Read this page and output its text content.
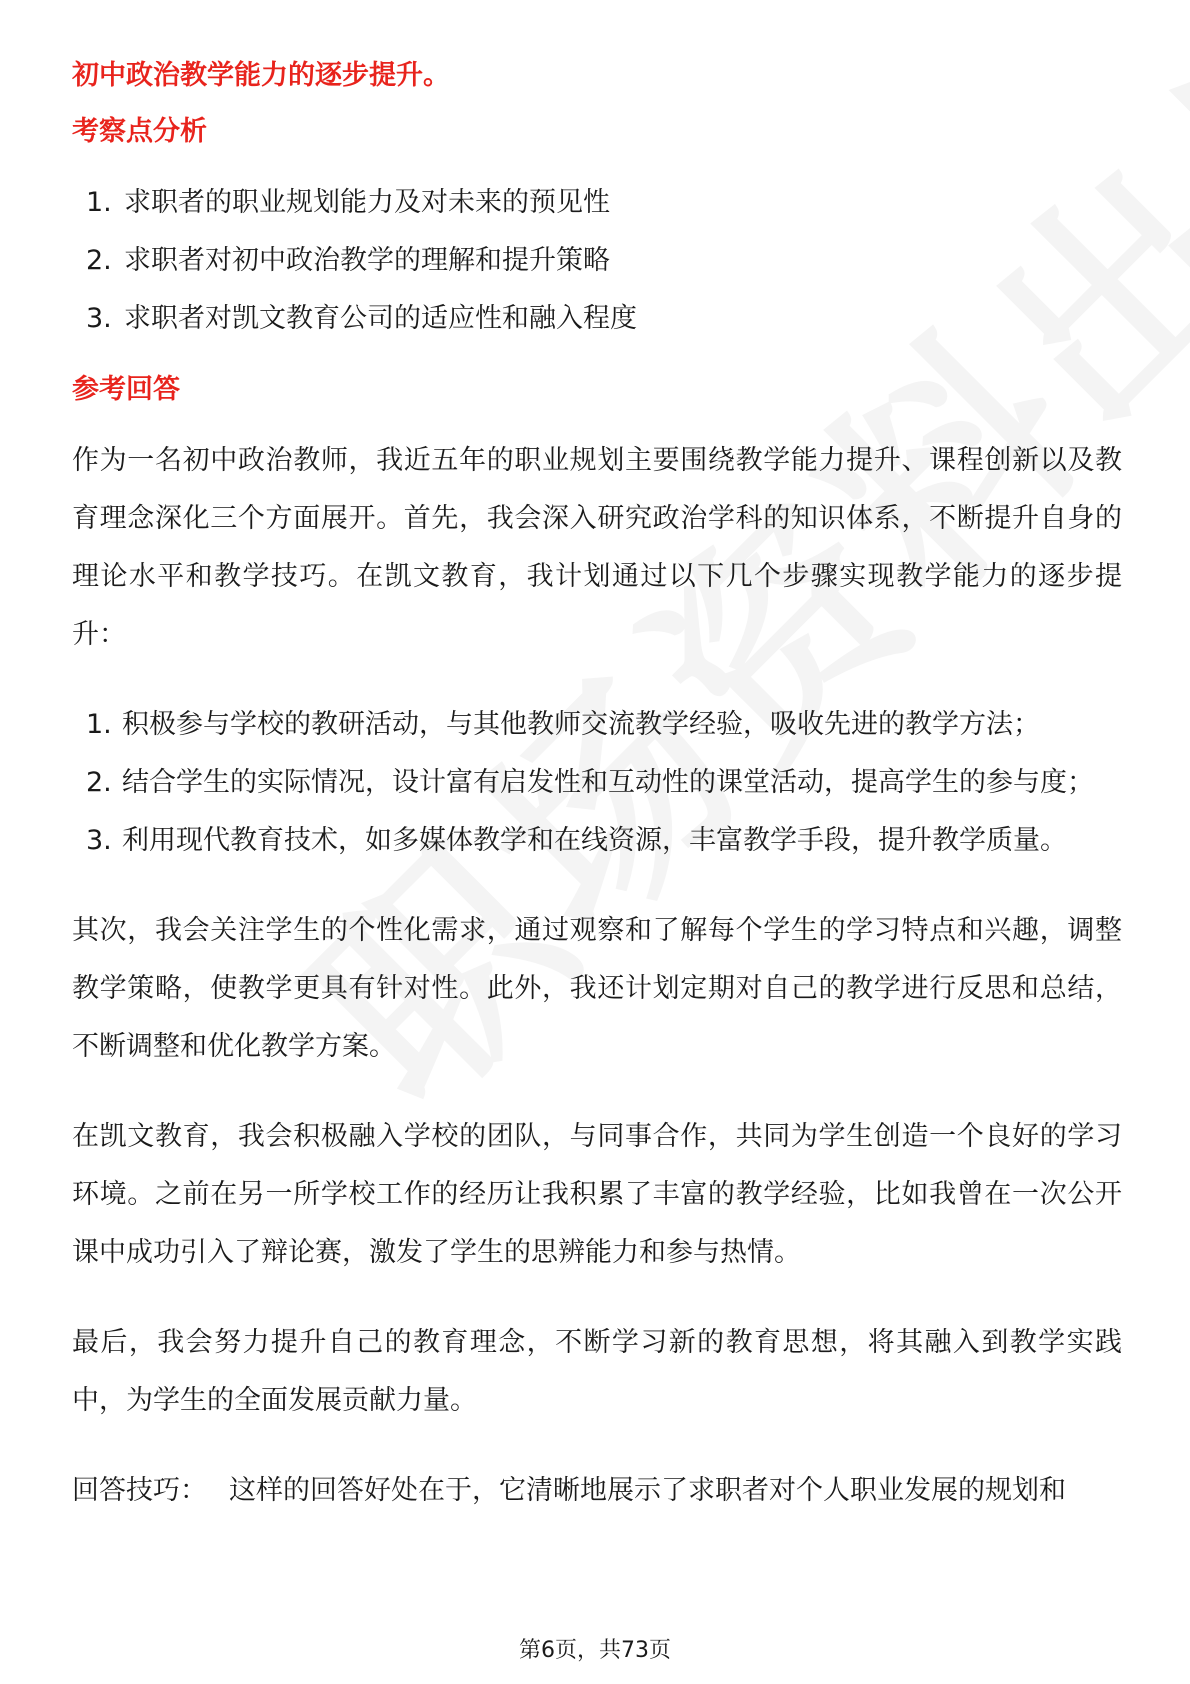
初中政治教学能力的逐步提升。
考察点分析
1. 求职者的职业规划能力及对未来的预见性
2. 求职者对初中政治教学的理解和提升策略
3. 求职者对凯文教育公司的适应性和融入程度
参考回答

作为一名初中政治教师，我近五年的职业规划主要围绕教学能力提升、课程创新以及教育理念深化三个方面展开。首先，我会深入研究政治学科的知识体系，不断提升自身的理论水平和教学技巧。在凯文教育，我计划通过以下几个步骤实现教学能力的逐步提升：

1. 积极参与学校的教研活动，与其他教师交流教学经验，吸收先进的教学方法；
2. 结合学生的实际情况，设计富有启发性和互动性的课堂活动，提高学生的参与度；
3. 利用现代教育技术，如多媒体教学和在线资源，丰富教学手段，提升教学质量。

其次，我会关注学生的个性化需求，通过观察和了解每个学生的学习特点和兴趣，调整教学策略，使教学更具有针对性。此外，我还计划定期对自己的教学进行反思和总结，不断调整和优化教学方案。

在凯文教育，我会积极融入学校的团队，与同事合作，共同为学生创造一个良好的学习环境。之前在另一所学校工作的经历让我积累了丰富的教学经验，比如我曾在一次公开课中成功引入了辩论赛，激发了学生的思辨能力和参与热情。

最后，我会努力提升自己的教育理念，不断学习新的教育思想，将其融入到教学实践中，为学生的全面发展贡献力量。

回答技巧： 这样的回答好处在于，它清晰地展示了求职者对个人职业发展的规划和

第6页，共73页
